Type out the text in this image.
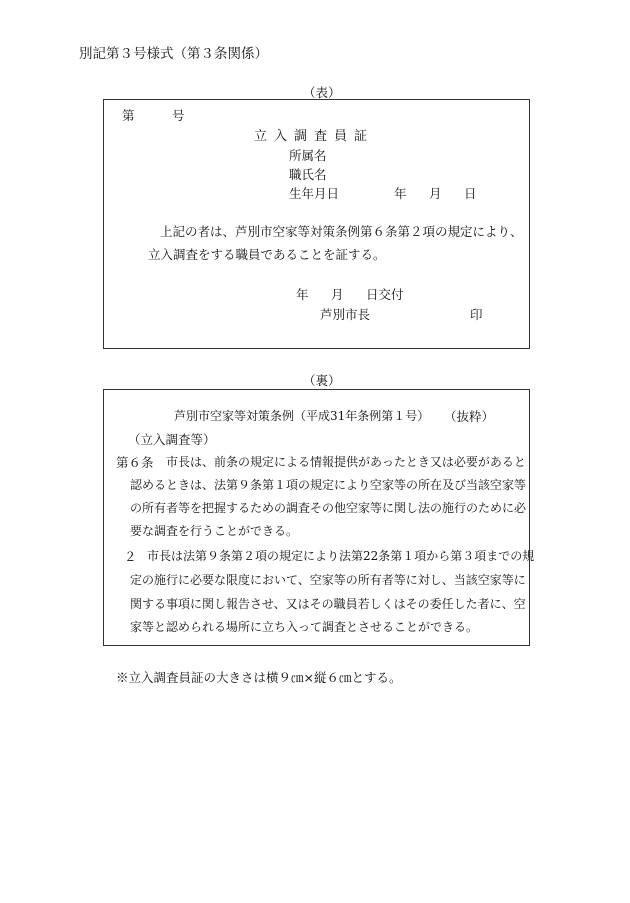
別記第３号様式（第３条関係）
（表）
第	号
立入調査員証
所属名
職氏名
生年月日	年 月 日
上記の者は、芦別市空家等対策条例第６条第２項の規定により、
立入調査をする職員であることを証する。
年 月 日交付
芦別市長	印
（裏）
芦別市空家等対策条例（平成31年条例第１号） （抜粋）
（立入調査等）
第６条 市長は、前条の規定による情報提供があったとき又は必要があると
認めるときは、法第９条第１項の規定により空家等の所在及び当該空家等
の所有者等を把握するための調査その他空家等に関し法の施行のために必
要な調査を行うことができる。
２ 市長は法第９条第２項の規定により法第22条第１項から第３項までの規
定の施行に必要な限度において、空家等の所有者等に対し、当該空家等に
関する事項に関し報告させ、又はその職員若しくはその委任した者に、空
家等と認められる場所に立ち入って調査とさせることができる。
※立入調査員証の大きさは横９㎝×縦６㎝とする。
